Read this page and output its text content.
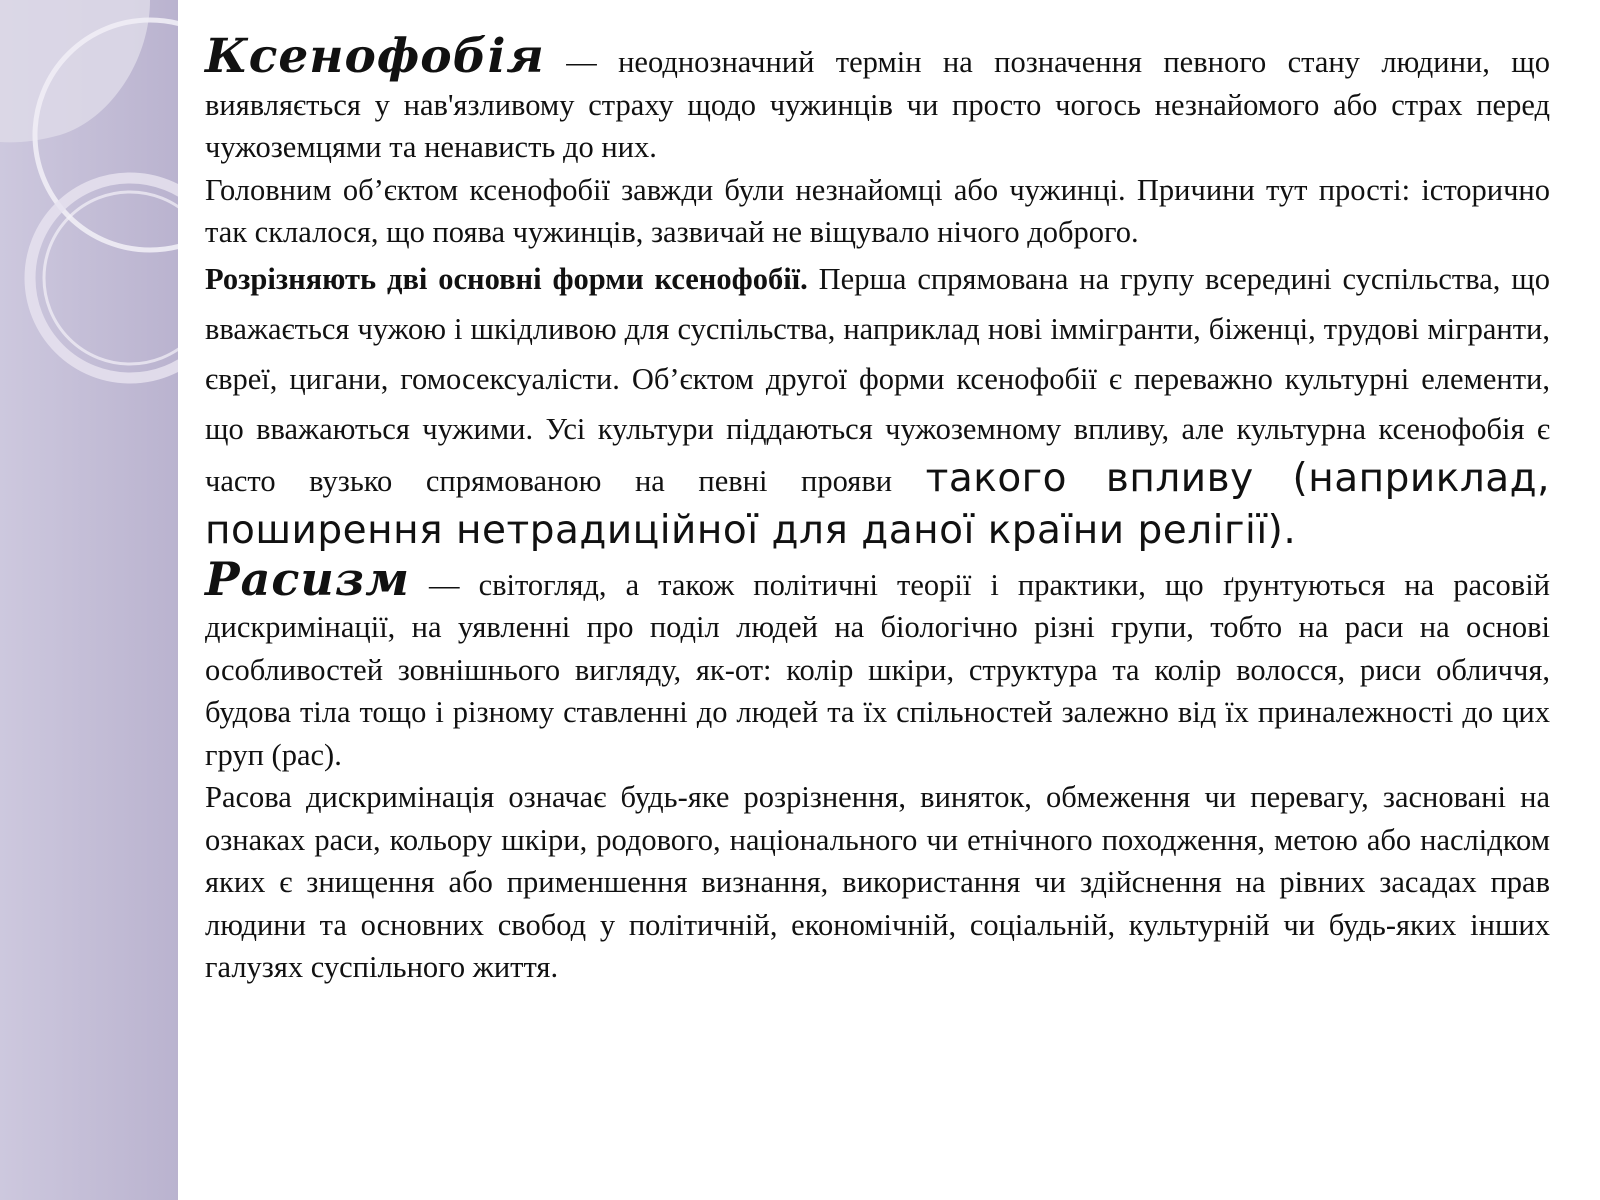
Ксенофобія — неоднозначний термін на позначення певного стану людини, що виявляється у нав'язливому страху щодо чужинців чи просто чогось незнайомого або страх перед чужоземцями та ненависть до них.

Головним об’єктом ксенофобії завжди були незнайомці або чужинці. Причини тут прості: історично так склалося, що поява чужинців, зазвичай не віщувало нічого доброго.

Розрізняють дві основні форми ксенофобії. Перша спрямована на групу всередині суспільства, що вважається чужою і шкідливою для суспільства, наприклад нові іммігранти, біженці, трудові мігранти, євреї, цигани, гомосексуалісти. Об’єктом другої форми ксенофобії є переважно культурні елементи, що вважаються чужими. Усі культури піддаються чужоземному впливу, але культурна ксенофобія є часто вузько спрямованою на певні прояви такого впливу (наприклад, поширення нетрадиційної для даної країни релігії).

Расизм — світогляд, а також політичні теорії і практики, що ґрунтуються на расовій дискримінації, на уявленні про поділ людей на біологічно різні групи, тобто на раси на основі особливостей зовнішнього вигляду, як-от: колір шкіри, структура та колір волосся, риси обличчя, будова тіла тощо і різному ставленні до людей та їх спільностей залежно від їх приналежності до цих груп (рас).

Расова дискримінація означає будь-яке розрізнення, виняток, обмеження чи перевагу, засновані на ознаках раси, кольору шкіри, родового, національного чи етнічного походження, метою або наслідком яких є знищення або применшення визнання, використання чи здійснення на рівних засадах прав людини та основних свобод у політичній, економічній, соціальній, культурній чи будь-яких інших галузях суспільного життя.
